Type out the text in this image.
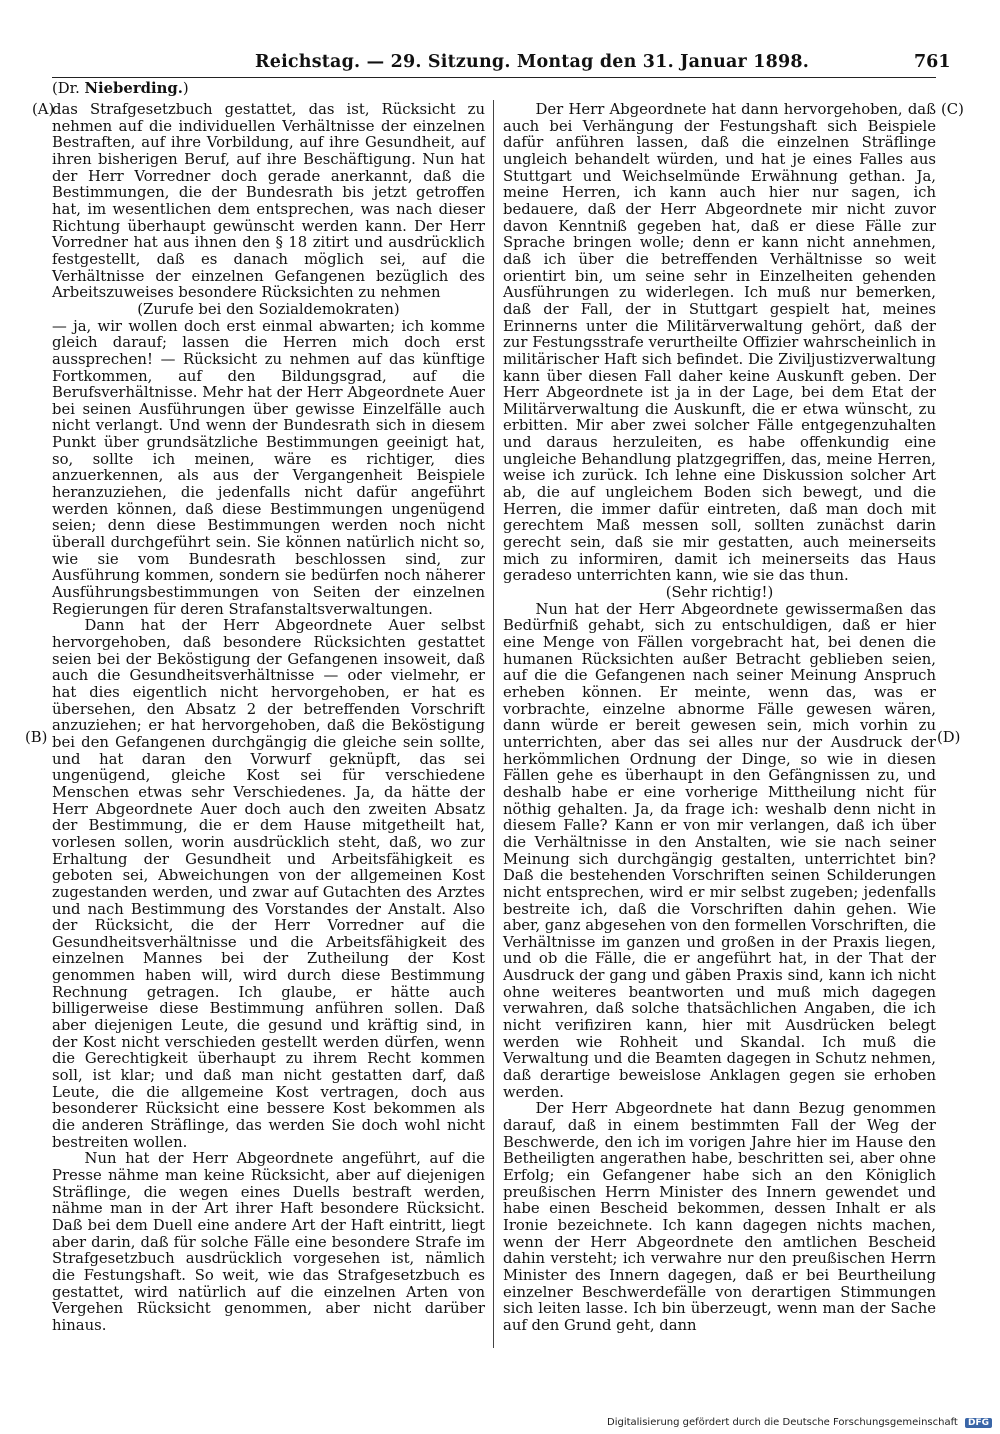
Reichstag. — 29. Sitzung. Montag den 31. Januar 1898.	761
(Dr. Nieberding.)
(A)
(B)
(C)
(D)

das Strafgesetzbuch gestattet, das ist, Rücksicht zu nehmen auf die individuellen Verhältnisse der einzelnen Bestraften, auf ihre Vorbildung, auf ihre Gesundheit, auf ihren bisherigen Beruf, auf ihre Beschäftigung. Nun hat der Herr Vorredner doch gerade anerkannt, daß die Bestimmungen, die der Bundesrath bis jetzt getroffen hat, im wesentlichen dem entsprechen, was nach dieser Richtung überhaupt gewünscht werden kann. Der Herr Vorredner hat aus ihnen den § 18 zitirt und ausdrücklich festgestellt, daß es danach möglich sei, auf die Verhältnisse der einzelnen Gefangenen bezüglich des Arbeitszuweises besondere Rücksichten zu nehmen

(Zurufe bei den Sozialdemokraten)

— ja, wir wollen doch erst einmal abwarten; ich komme gleich darauf; lassen die Herren mich doch erst aussprechen! — Rücksicht zu nehmen auf das künftige Fortkommen, auf den Bildungsgrad, auf die Berufsverhältnisse. Mehr hat der Herr Abgeordnete Auer bei seinen Ausführungen über gewisse Einzelfälle auch nicht verlangt. Und wenn der Bundesrath sich in diesem Punkt über grundsätzliche Bestimmungen geeinigt hat, so, sollte ich meinen, wäre es richtiger, dies anzuerkennen, als aus der Vergangenheit Beispiele heranzuziehen, die jedenfalls nicht dafür angeführt werden können, daß diese Bestimmungen ungenügend seien; denn diese Bestimmungen werden noch nicht überall durchgeführt sein. Sie können natürlich nicht so, wie sie vom Bundesrath beschlossen sind, zur Ausführung kommen, sondern sie bedürfen noch näherer Ausführungsbestimmungen von Seiten der einzelnen Regierungen für deren Strafanstaltsverwaltungen.

Dann hat der Herr Abgeordnete Auer selbst hervorgehoben, daß besondere Rücksichten gestattet seien bei der Beköstigung der Gefangenen insoweit, daß auch die Gesundheitsverhältnisse — oder vielmehr, er hat dies eigentlich nicht hervorgehoben, er hat es übersehen, den Absatz 2 der betreffenden Vorschrift anzuziehen; er hat hervorgehoben, daß die Beköstigung bei den Gefangenen durchgängig die gleiche sein sollte, und hat daran den Vorwurf geknüpft, das sei ungenügend, gleiche Kost sei für verschiedene Menschen etwas sehr Verschiedenes. Ja, da hätte der Herr Abgeordnete Auer doch auch den zweiten Absatz der Bestimmung, die er dem Hause mitgetheilt hat, vorlesen sollen, worin ausdrücklich steht, daß, wo zur Erhaltung der Gesundheit und Arbeitsfähigkeit es geboten sei, Abweichungen von der allgemeinen Kost zugestanden werden, und zwar auf Gutachten des Arztes und nach Bestimmung des Vorstandes der Anstalt. Also der Rücksicht, die der Herr Vorredner auf die Gesundheitsverhältnisse und die Arbeitsfähigkeit des einzelnen Mannes bei der Zutheilung der Kost genommen haben will, wird durch diese Bestimmung Rechnung getragen. Ich glaube, er hätte auch billigerweise diese Bestimmung anführen sollen. Daß aber diejenigen Leute, die gesund und kräftig sind, in der Kost nicht verschieden gestellt werden dürfen, wenn die Gerechtigkeit überhaupt zu ihrem Recht kommen soll, ist klar; und daß man nicht gestatten darf, daß Leute, die die allgemeine Kost vertragen, doch aus besonderer Rücksicht eine bessere Kost bekommen als die anderen Sträflinge, das werden Sie doch wohl nicht bestreiten wollen.

Nun hat der Herr Abgeordnete angeführt, auf die Presse nähme man keine Rücksicht, aber auf diejenigen Sträflinge, die wegen eines Duells bestraft werden, nähme man in der Art ihrer Haft besondere Rücksicht. Daß bei dem Duell eine andere Art der Haft eintritt, liegt aber darin, daß für solche Fälle eine besondere Strafe im Strafgesetzbuch ausdrücklich vorgesehen ist, nämlich die Festungshaft. So weit, wie das Strafgesetzbuch es gestattet, wird natürlich auf die einzelnen Arten von Vergehen Rücksicht genommen, aber nicht darüber hinaus.

Der Herr Abgeordnete hat dann hervorgehoben, daß auch bei Verhängung der Festungshaft sich Beispiele dafür anführen lassen, daß die einzelnen Sträflinge ungleich behandelt würden, und hat je eines Falles aus Stuttgart und Weichselmünde Erwähnung gethan. Ja, meine Herren, ich kann auch hier nur sagen, ich bedauere, daß der Herr Abgeordnete mir nicht zuvor davon Kenntniß gegeben hat, daß er diese Fälle zur Sprache bringen wolle; denn er kann nicht annehmen, daß ich über die betreffenden Verhältnisse so weit orientirt bin, um seine sehr in Einzelheiten gehenden Ausführungen zu widerlegen. Ich muß nur bemerken, daß der Fall, der in Stuttgart gespielt hat, meines Erinnerns unter die Militärverwaltung gehört, daß der zur Festungsstrafe verurtheilte Offizier wahrscheinlich in militärischer Haft sich befindet. Die Ziviljustizverwaltung kann über diesen Fall daher keine Auskunft geben. Der Herr Abgeordnete ist ja in der Lage, bei dem Etat der Militärverwaltung die Auskunft, die er etwa wünscht, zu erbitten. Mir aber zwei solcher Fälle entgegenzuhalten und daraus herzuleiten, es habe offenkundig eine ungleiche Behandlung platzgegriffen, das, meine Herren, weise ich zurück. Ich lehne eine Diskussion solcher Art ab, die auf ungleichem Boden sich bewegt, und die Herren, die immer dafür eintreten, daß man doch mit gerechtem Maß messen soll, sollten zunächst darin gerecht sein, daß sie mir gestatten, auch meinerseits mich zu informiren, damit ich meinerseits das Haus geradeso unterrichten kann, wie sie das thun.

(Sehr richtig!)

Nun hat der Herr Abgeordnete gewissermaßen das Bedürfniß gehabt, sich zu entschuldigen, daß er hier eine Menge von Fällen vorgebracht hat, bei denen die humanen Rücksichten außer Betracht geblieben seien, auf die die Gefangenen nach seiner Meinung Anspruch erheben können. Er meinte, wenn das, was er vorbrachte, einzelne abnorme Fälle gewesen wären, dann würde er bereit gewesen sein, mich vorhin zu unterrichten, aber das sei alles nur der Ausdruck der herkömmlichen Ordnung der Dinge, so wie in diesen Fällen gehe es überhaupt in den Gefängnissen zu, und deshalb habe er eine vorherige Mittheilung nicht für nöthig gehalten. Ja, da frage ich: weshalb denn nicht in diesem Falle? Kann er von mir verlangen, daß ich über die Verhältnisse in den Anstalten, wie sie nach seiner Meinung sich durchgängig gestalten, unterrichtet bin? Daß die bestehenden Vorschriften seinen Schilderungen nicht entsprechen, wird er mir selbst zugeben; jedenfalls bestreite ich, daß die Vorschriften dahin gehen. Wie aber, ganz abgesehen von den formellen Vorschriften, die Verhältnisse im ganzen und großen in der Praxis liegen, und ob die Fälle, die er angeführt hat, in der That der Ausdruck der gang und gäben Praxis sind, kann ich nicht ohne weiteres beantworten und muß mich dagegen verwahren, daß solche thatsächlichen Angaben, die ich nicht verifiziren kann, hier mit Ausdrücken belegt werden wie Rohheit und Skandal. Ich muß die Verwaltung und die Beamten dagegen in Schutz nehmen, daß derartige beweislose Anklagen gegen sie erhoben werden.

Der Herr Abgeordnete hat dann Bezug genommen darauf, daß in einem bestimmten Fall der Weg der Beschwerde, den ich im vorigen Jahre hier im Hause den Betheiligten angerathen habe, beschritten sei, aber ohne Erfolg; ein Gefangener habe sich an den Königlich preußischen Herrn Minister des Innern gewendet und habe einen Bescheid bekommen, dessen Inhalt er als Ironie bezeichnete. Ich kann dagegen nichts machen, wenn der Herr Abgeordnete den amtlichen Bescheid dahin versteht; ich verwahre nur den preußischen Herrn Minister des Innern dagegen, daß er bei Beurtheilung einzelner Beschwerdefälle von derartigen Stimmungen sich leiten lasse. Ich bin überzeugt, wenn man der Sache auf den Grund geht, dann

Digitalisierung gefördert durch die Deutsche Forschungsgemeinschaft DFG
